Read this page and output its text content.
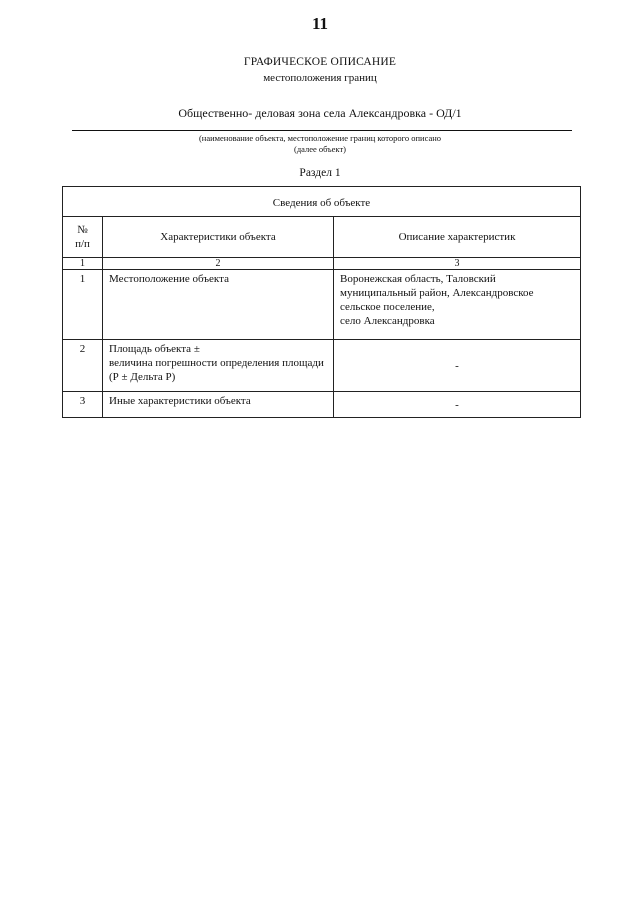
11
ГРАФИЧЕСКОЕ ОПИСАНИЕ
местоположения границ
Общественно- деловая зона села Александровка - ОД/1
(наименование объекта, местоположение границ которого описано
(далее объект)
Раздел 1
Сведения об объекте		
№
п/п	Характеристики объекта	Описание характеристик
1	2	3
1	Местоположение объекта	Воронежская область, Таловский муниципальный район, Александровское сельское поселение,
село Александровка
2	Площадь объекта ±
величина погрешности определения площади (Р ± Дельта Р)	-
3	Иные характеристики объекта	-
